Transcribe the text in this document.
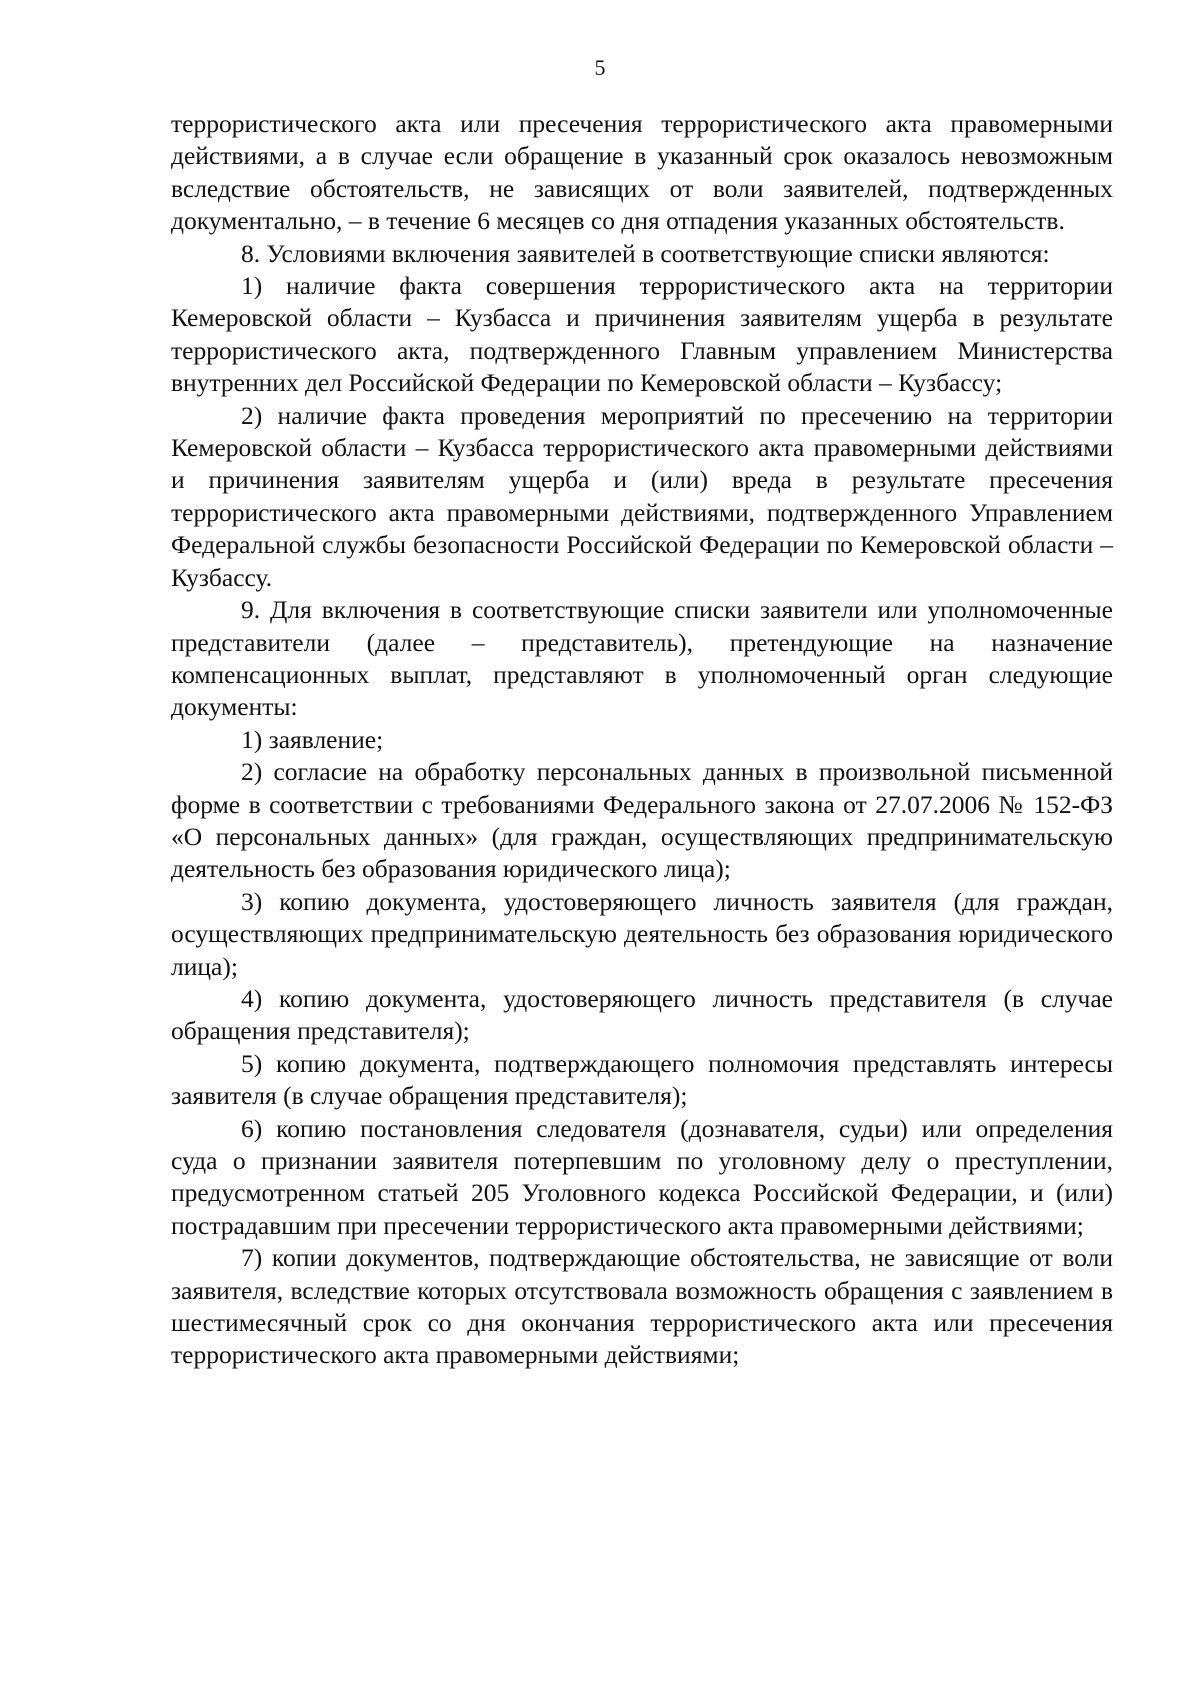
5

террористического акта или пресечения террористического акта правомерными действиями, а в случае если обращение в указанный срок оказалось невозможным вследствие обстоятельств, не зависящих от воли заявителей, подтвержденных документально, – в течение 6 месяцев со дня отпадения указанных обстоятельств.

8. Условиями включения заявителей в соответствующие списки являются:

1) наличие факта совершения террористического акта на территории Кемеровской области – Кузбасса и причинения заявителям ущерба в результате террористического акта, подтвержденного Главным управлением Министерства внутренних дел Российской Федерации по Кемеровской области – Кузбассу;

2) наличие факта проведения мероприятий по пресечению на территории Кемеровской области – Кузбасса террористического акта правомерными действиями и причинения заявителям ущерба и (или) вреда в результате пресечения террористического акта правомерными действиями, подтвержденного Управлением Федеральной службы безопасности Российской Федерации по Кемеровской области – Кузбассу.

9. Для включения в соответствующие списки заявители или уполномоченные представители (далее – представитель), претендующие на назначение компенсационных выплат, представляют в уполномоченный орган следующие документы:

1) заявление;

2) согласие на обработку персональных данных в произвольной письменной форме в соответствии с требованиями Федерального закона от 27.07.2006 № 152-ФЗ «О персональных данных» (для граждан, осуществляющих предпринимательскую деятельность без образования юридического лица);

3) копию документа, удостоверяющего личность заявителя (для граждан, осуществляющих предпринимательскую деятельность без образования юридического лица);

4) копию документа, удостоверяющего личность представителя (в случае обращения представителя);

5) копию документа, подтверждающего полномочия представлять интересы заявителя (в случае обращения представителя);

6) копию постановления следователя (дознавателя, судьи) или определения суда о признании заявителя потерпевшим по уголовному делу о преступлении, предусмотренном статьей 205 Уголовного кодекса Российской Федерации, и (или) пострадавшим при пресечении террористического акта правомерными действиями;

7) копии документов, подтверждающие обстоятельства, не зависящие от воли заявителя, вследствие которых отсутствовала возможность обращения с заявлением в шестимесячный срок со дня окончания террористического акта или пресечения террористического акта правомерными действиями;
